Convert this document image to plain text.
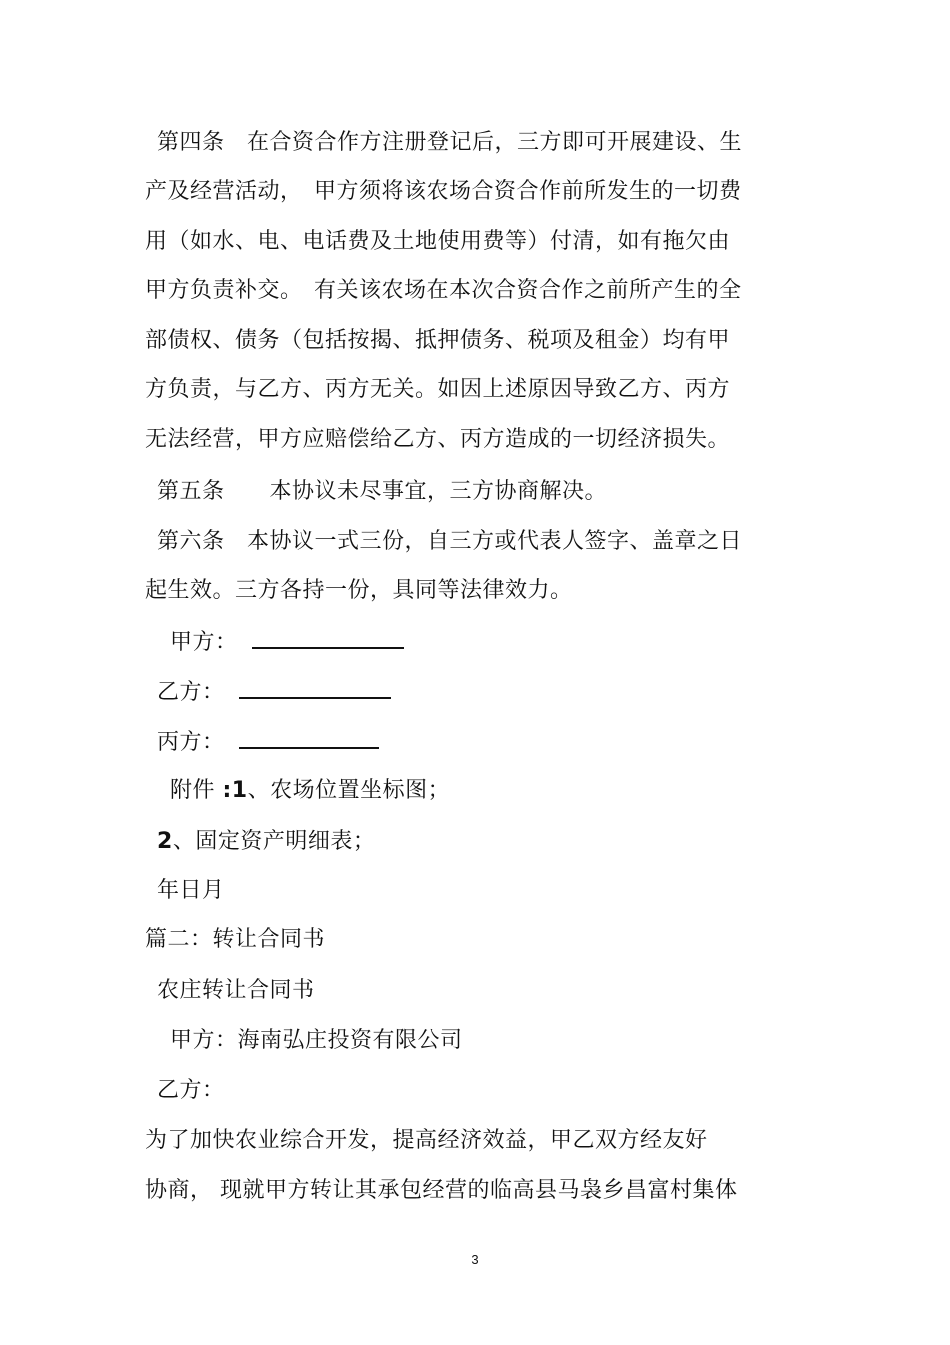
第四条　在合资合作方注册登记后，三方即可开展建设、生
产及经营活动，　甲方须将该农场合资合作前所发生的一切费
用（如水、电、电话费及土地使用费等）付清，如有拖欠由
甲方负责补交。　有关该农场在本次合资合作之前所产生的全
部债权、债务（包括按揭、抵押债务、税项及租金）均有甲
方负责，与乙方、丙方无关。如因上述原因导致乙方、丙方
无法经营，甲方应赔偿给乙方、丙方造成的一切经济损失。
第五条　　本协议未尽事宜，三方协商解决。
第六条　本协议一式三份，自三方或代表人签字、盖章之日
起生效。三方各持一份，具同等法律效力。
甲方：
乙方：
丙方：
附件 :1、农场位置坐标图；
2、固定资产明细表；
年日月
篇二：转让合同书
农庄转让合同书
甲方：海南弘庄投资有限公司
乙方：
为了加快农业综合开发，提高经济效益，甲乙双方经友好
协商， 现就甲方转让其承包经营的临高县马袅乡昌富村集体
3
